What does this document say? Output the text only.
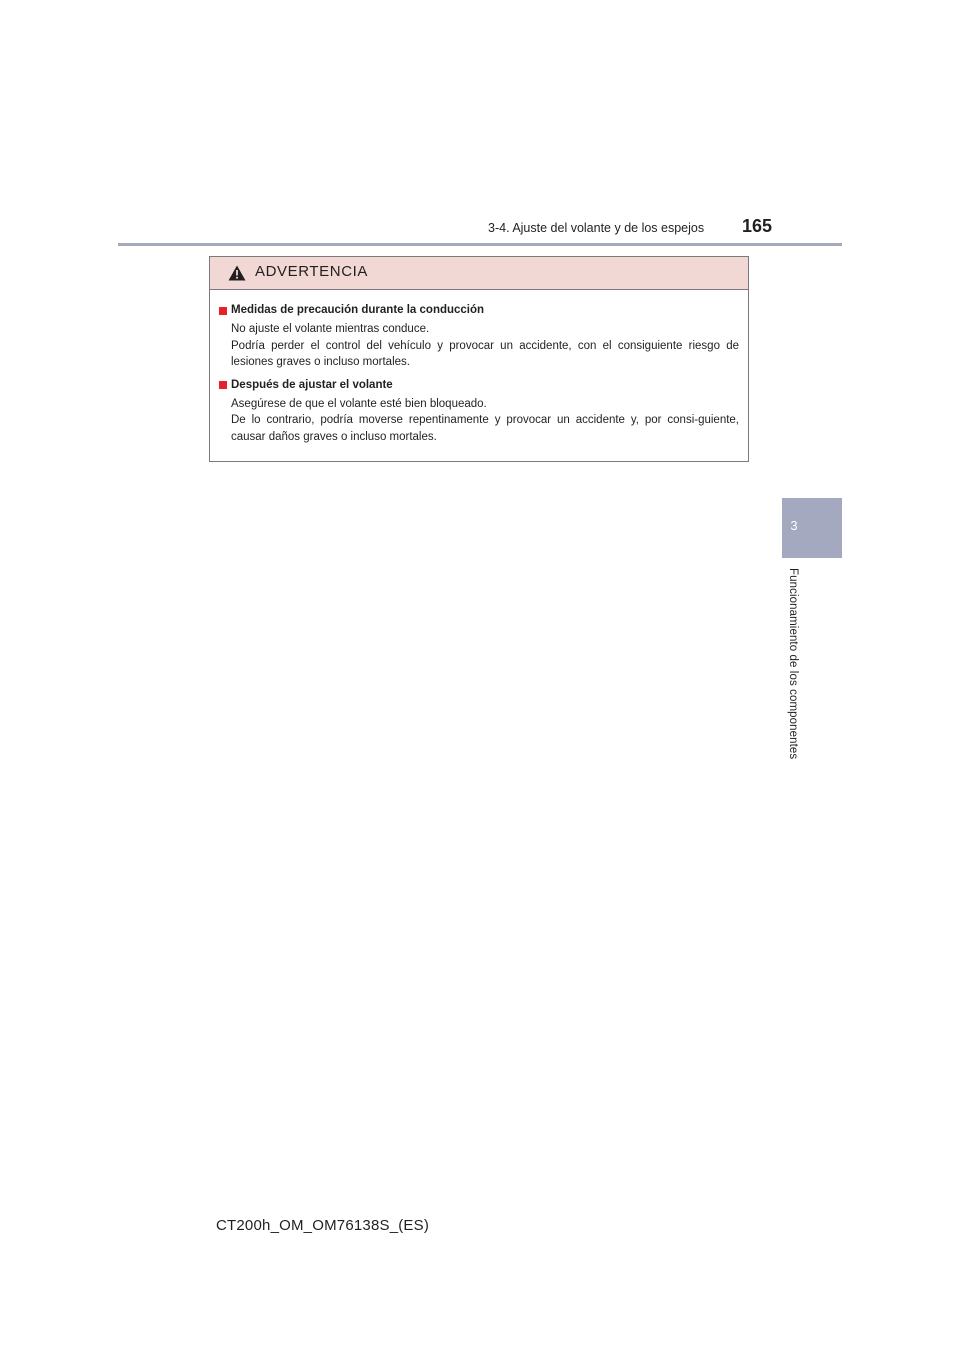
3-4. Ajuste del volante y de los espejos 165
3
Funcionamiento de los componentes
ADVERTENCIA
Medidas de precaución durante la conducción

No ajuste el volante mientras conduce.

Podría perder el control del vehículo y provocar un accidente, con el consiguiente riesgo de lesiones graves o incluso mortales.

Después de ajustar el volante

Asegúrese de que el volante esté bien bloqueado.

De lo contrario, podría moverse repentinamente y provocar un accidente y, por consi-guiente, causar daños graves o incluso mortales.

CT200h_OM_OM76138S_(ES)
